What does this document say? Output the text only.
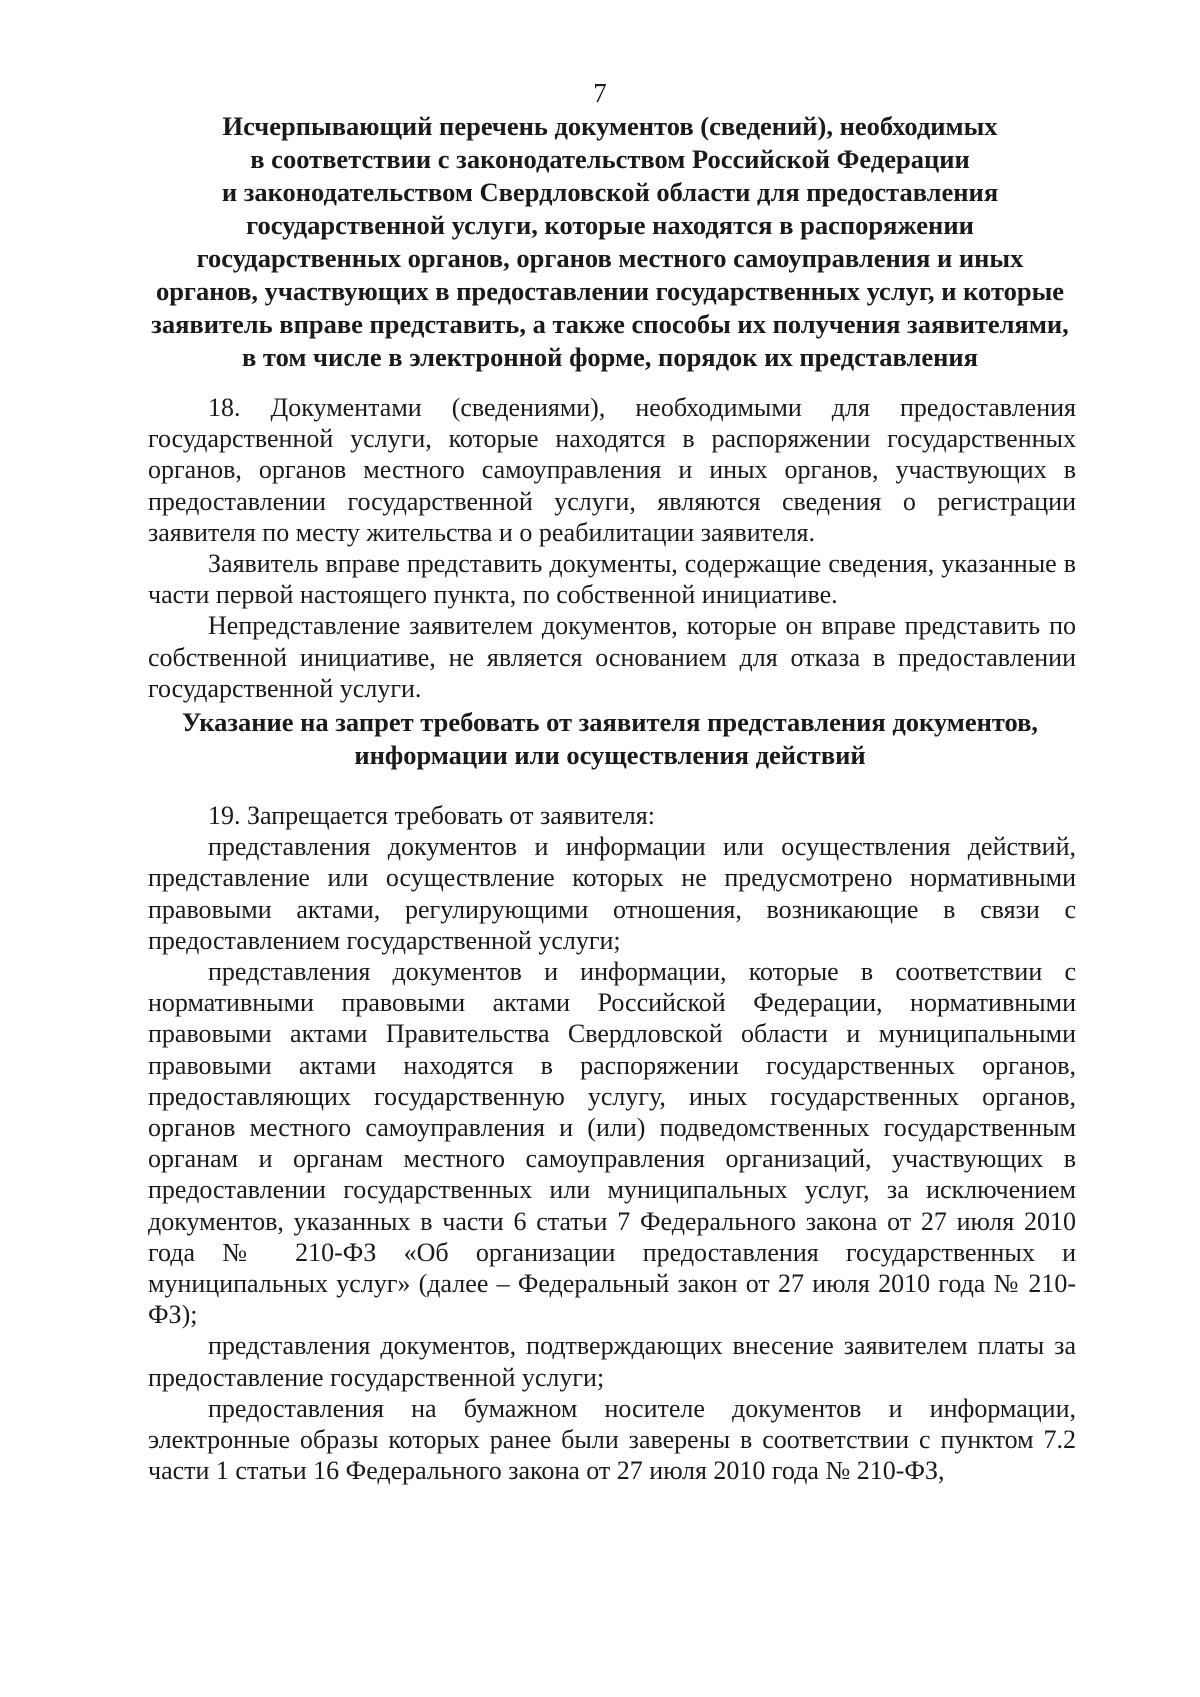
7
Исчерпывающий перечень документов (сведений), необходимых
в соответствии с законодательством Российской Федерации
и законодательством Свердловской области для предоставления
государственной услуги, которые находятся в распоряжении
государственных органов, органов местного самоуправления и иных
органов, участвующих в предоставлении государственных услуг, и которые
заявитель вправе представить, а также способы их получения заявителями,
в том числе в электронной форме, порядок их представления

18. Документами (сведениями), необходимыми для предоставления государственной услуги, которые находятся в распоряжении государственных органов, органов местного самоуправления и иных органов, участвующих в предоставлении государственной услуги, являются сведения о регистрации заявителя по месту жительства и о реабилитации заявителя.

Заявитель вправе представить документы, содержащие сведения, указанные в части первой настоящего пункта, по собственной инициативе.

Непредставление заявителем документов, которые он вправе представить по собственной инициативе, не является основанием для отказа в предоставлении государственной услуги.

Указание на запрет требовать от заявителя представления документов,
информации или осуществления действий

19. Запрещается требовать от заявителя:

представления документов и информации или осуществления действий, представление или осуществление которых не предусмотрено нормативными правовыми актами, регулирующими отношения, возникающие в связи с предоставлением государственной услуги;

представления документов и информации, которые в соответствии с нормативными правовыми актами Российской Федерации, нормативными правовыми актами Правительства Свердловской области и муниципальными правовыми актами находятся в распоряжении государственных органов, предоставляющих государственную услугу, иных государственных органов, органов местного самоуправления и (или) подведомственных государственным органам и органам местного самоуправления организаций, участвующих в предоставлении государственных или муниципальных услуг, за исключением документов, указанных в части 6 статьи 7 Федерального закона от 27 июля 2010 года № 210-ФЗ «Об организации предоставления государственных и муниципальных услуг» (далее – Федеральный закон от 27 июля 2010 года № 210-ФЗ);

представления документов, подтверждающих внесение заявителем платы за предоставление государственной услуги;

предоставления на бумажном носителе документов и информации, электронные образы которых ранее были заверены в соответствии с пунктом 7.2 части 1 статьи 16 Федерального закона от 27 июля 2010 года № 210-ФЗ,
